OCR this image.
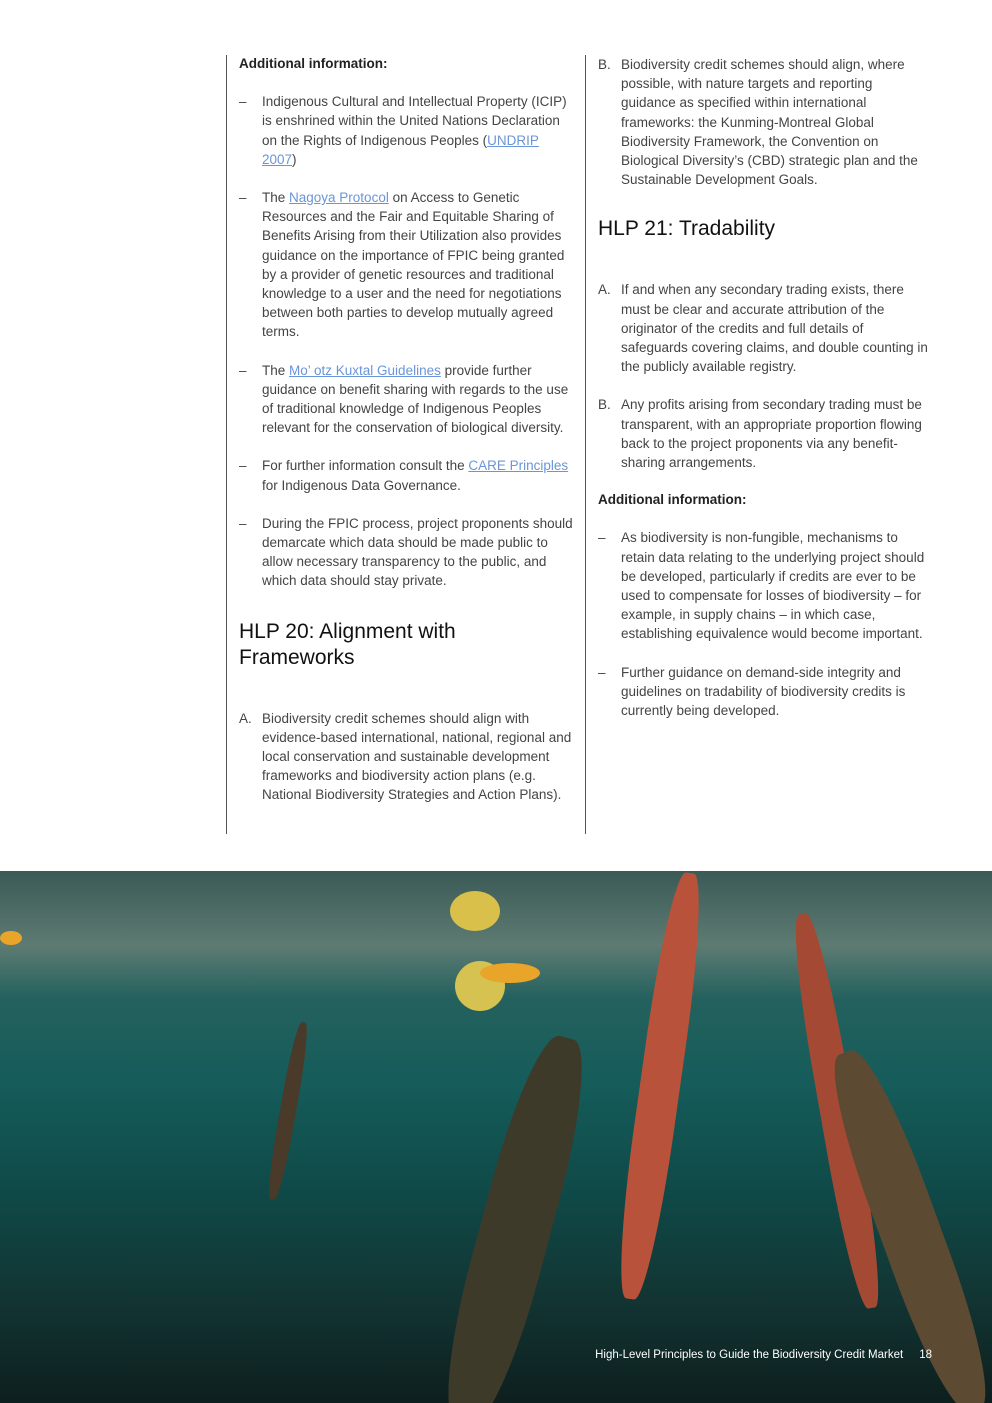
Additional information:
–	Indigenous Cultural and Intellectual Property (ICIP) is enshrined within the United Nations Declaration on the Rights of Indigenous Peoples (UNDRIP 2007)
–	The Nagoya Protocol on Access to Genetic Resources and the Fair and Equitable Sharing of Benefits Arising from their Utilization also provides guidance on the importance of FPIC being granted by a provider of genetic resources and traditional knowledge to a user and the need for negotiations between both parties to develop mutually agreed terms.
–	The Mo’ otz Kuxtal Guidelines provide further guidance on benefit sharing with regards to the use of traditional knowledge of Indigenous Peoples relevant for the conservation of biological diversity.
–	For further information consult the CARE Principles for Indigenous Data Governance.
–	During the FPIC process, project proponents should demarcate which data should be made public to allow necessary transparency to the public, and which data should stay private.
HLP 20: Alignment with Frameworks
A. Biodiversity credit schemes should align with evidence-based international, national, regional and local conservation and sustainable development frameworks and biodiversity action plans (e.g. National Biodiversity Strategies and Action Plans).
B. Biodiversity credit schemes should align, where possible, with nature targets and reporting guidance as specified within international frameworks: the Kunming-Montreal Global Biodiversity Framework, the Convention on Biological Diversity’s (CBD) strategic plan and the Sustainable Development Goals.
HLP 21: Tradability
A. If and when any secondary trading exists, there must be clear and accurate attribution of the originator of the credits and full details of safeguards covering claims, and double counting in the publicly available registry.
B. Any profits arising from secondary trading must be transparent, with an appropriate proportion flowing back to the project proponents via any benefit-sharing arrangements.
Additional information:
–	As biodiversity is non-fungible, mechanisms to retain data relating to the underlying project should be developed, particularly if credits are ever to be used to compensate for losses of biodiversity – for example, in supply chains – in which case, establishing equivalence would become important.
–	Further guidance on demand-side integrity and guidelines on tradability of biodiversity credits is currently being developed.
High-Level Principles to Guide the Biodiversity Credit Market 18
